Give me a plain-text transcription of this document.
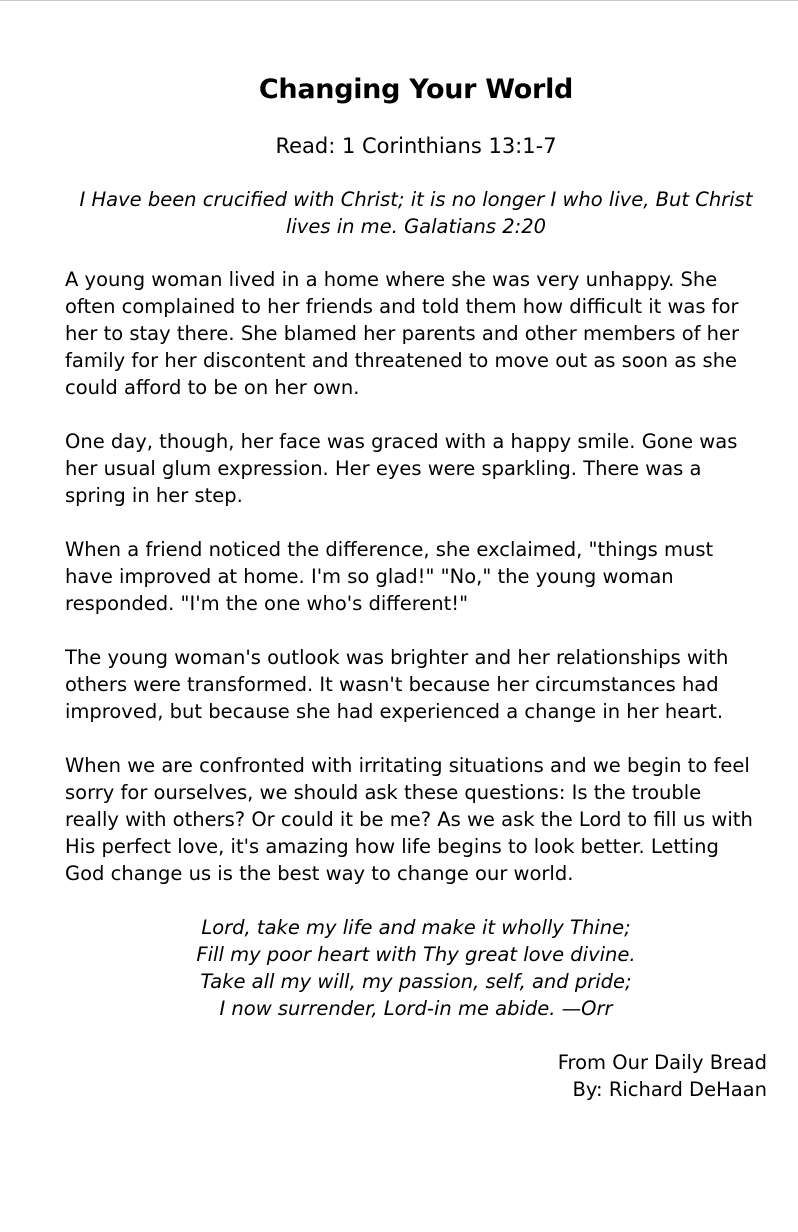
Changing Your World
Read: 1 Corinthians 13:1-7
I Have been crucified with Christ; it is no longer I who live, But Christ lives in me. Galatians 2:20

A young woman lived in a home where she was very unhappy. She
often complained to her friends and told them how difficult it was for
her to stay there. She blamed her parents and other members of her
family for her discontent and threatened to move out as soon as she
could afford to be on her own.

One day, though, her face was graced with a happy smile. Gone was
her usual glum expression. Her eyes were sparkling. There was a
spring in her step.

When a friend noticed the difference, she exclaimed, "things must
have improved at home. I'm so glad!" "No," the young woman
responded. "I'm the one who's different!"

The young woman's outlook was brighter and her relationships with
others were transformed. It wasn't because her circumstances had
improved, but because she had experienced a change in her heart.

When we are confronted with irritating situations and we begin to feel
sorry for ourselves, we should ask these questions: Is the trouble
really with others? Or could it be me? As we ask the Lord to fill us with
His perfect love, it's amazing how life begins to look better. Letting
God change us is the best way to change our world.

Lord, take my life and make it wholly Thine;
Fill my poor heart with Thy great love divine.
Take all my will, my passion, self, and pride;
I now surrender, Lord-in me abide. —Orr
From Our Daily Bread
By: Richard DeHaan
